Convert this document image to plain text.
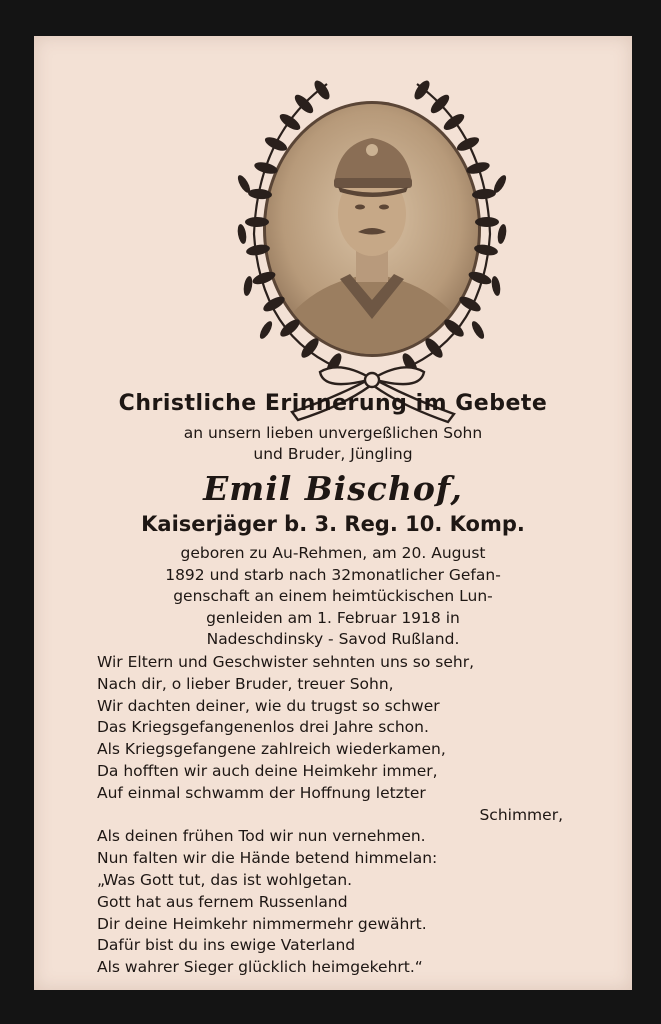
Christliche Erinnerung im Gebete
an unsern lieben unvergeßlichen Sohn
und Bruder, Jüngling
Emil Bischof,
Kaiserjäger b. 3. Reg. 10. Komp.
geboren zu Au-Rehmen, am 20. August
1892 und starb nach 32monatlicher Gefan-
genschaft an einem heimtückischen Lun-
genleiden am 1. Februar 1918 in
Nadeschdinsky - Savod Rußland.
Wir Eltern und Geschwister sehnten uns so sehr,
Nach dir, o lieber Bruder, treuer Sohn,
Wir dachten deiner, wie du trugst so schwer
Das Kriegsgefangenenlos drei Jahre schon.
Als Kriegsgefangene zahlreich wiederkamen,
Da hofften wir auch deine Heimkehr immer,
Auf einmal schwamm der Hoffnung letzter
Schimmer,
Als deinen frühen Tod wir nun vernehmen.
Nun falten wir die Hände betend himmelan:
„Was Gott tut, das ist wohlgetan.
Gott hat aus fernem Russenland
Dir deine Heimkehr nimmermehr gewährt.
Dafür bist du ins ewige Vaterland
Als wahrer Sieger glücklich heimgekehrt.“
